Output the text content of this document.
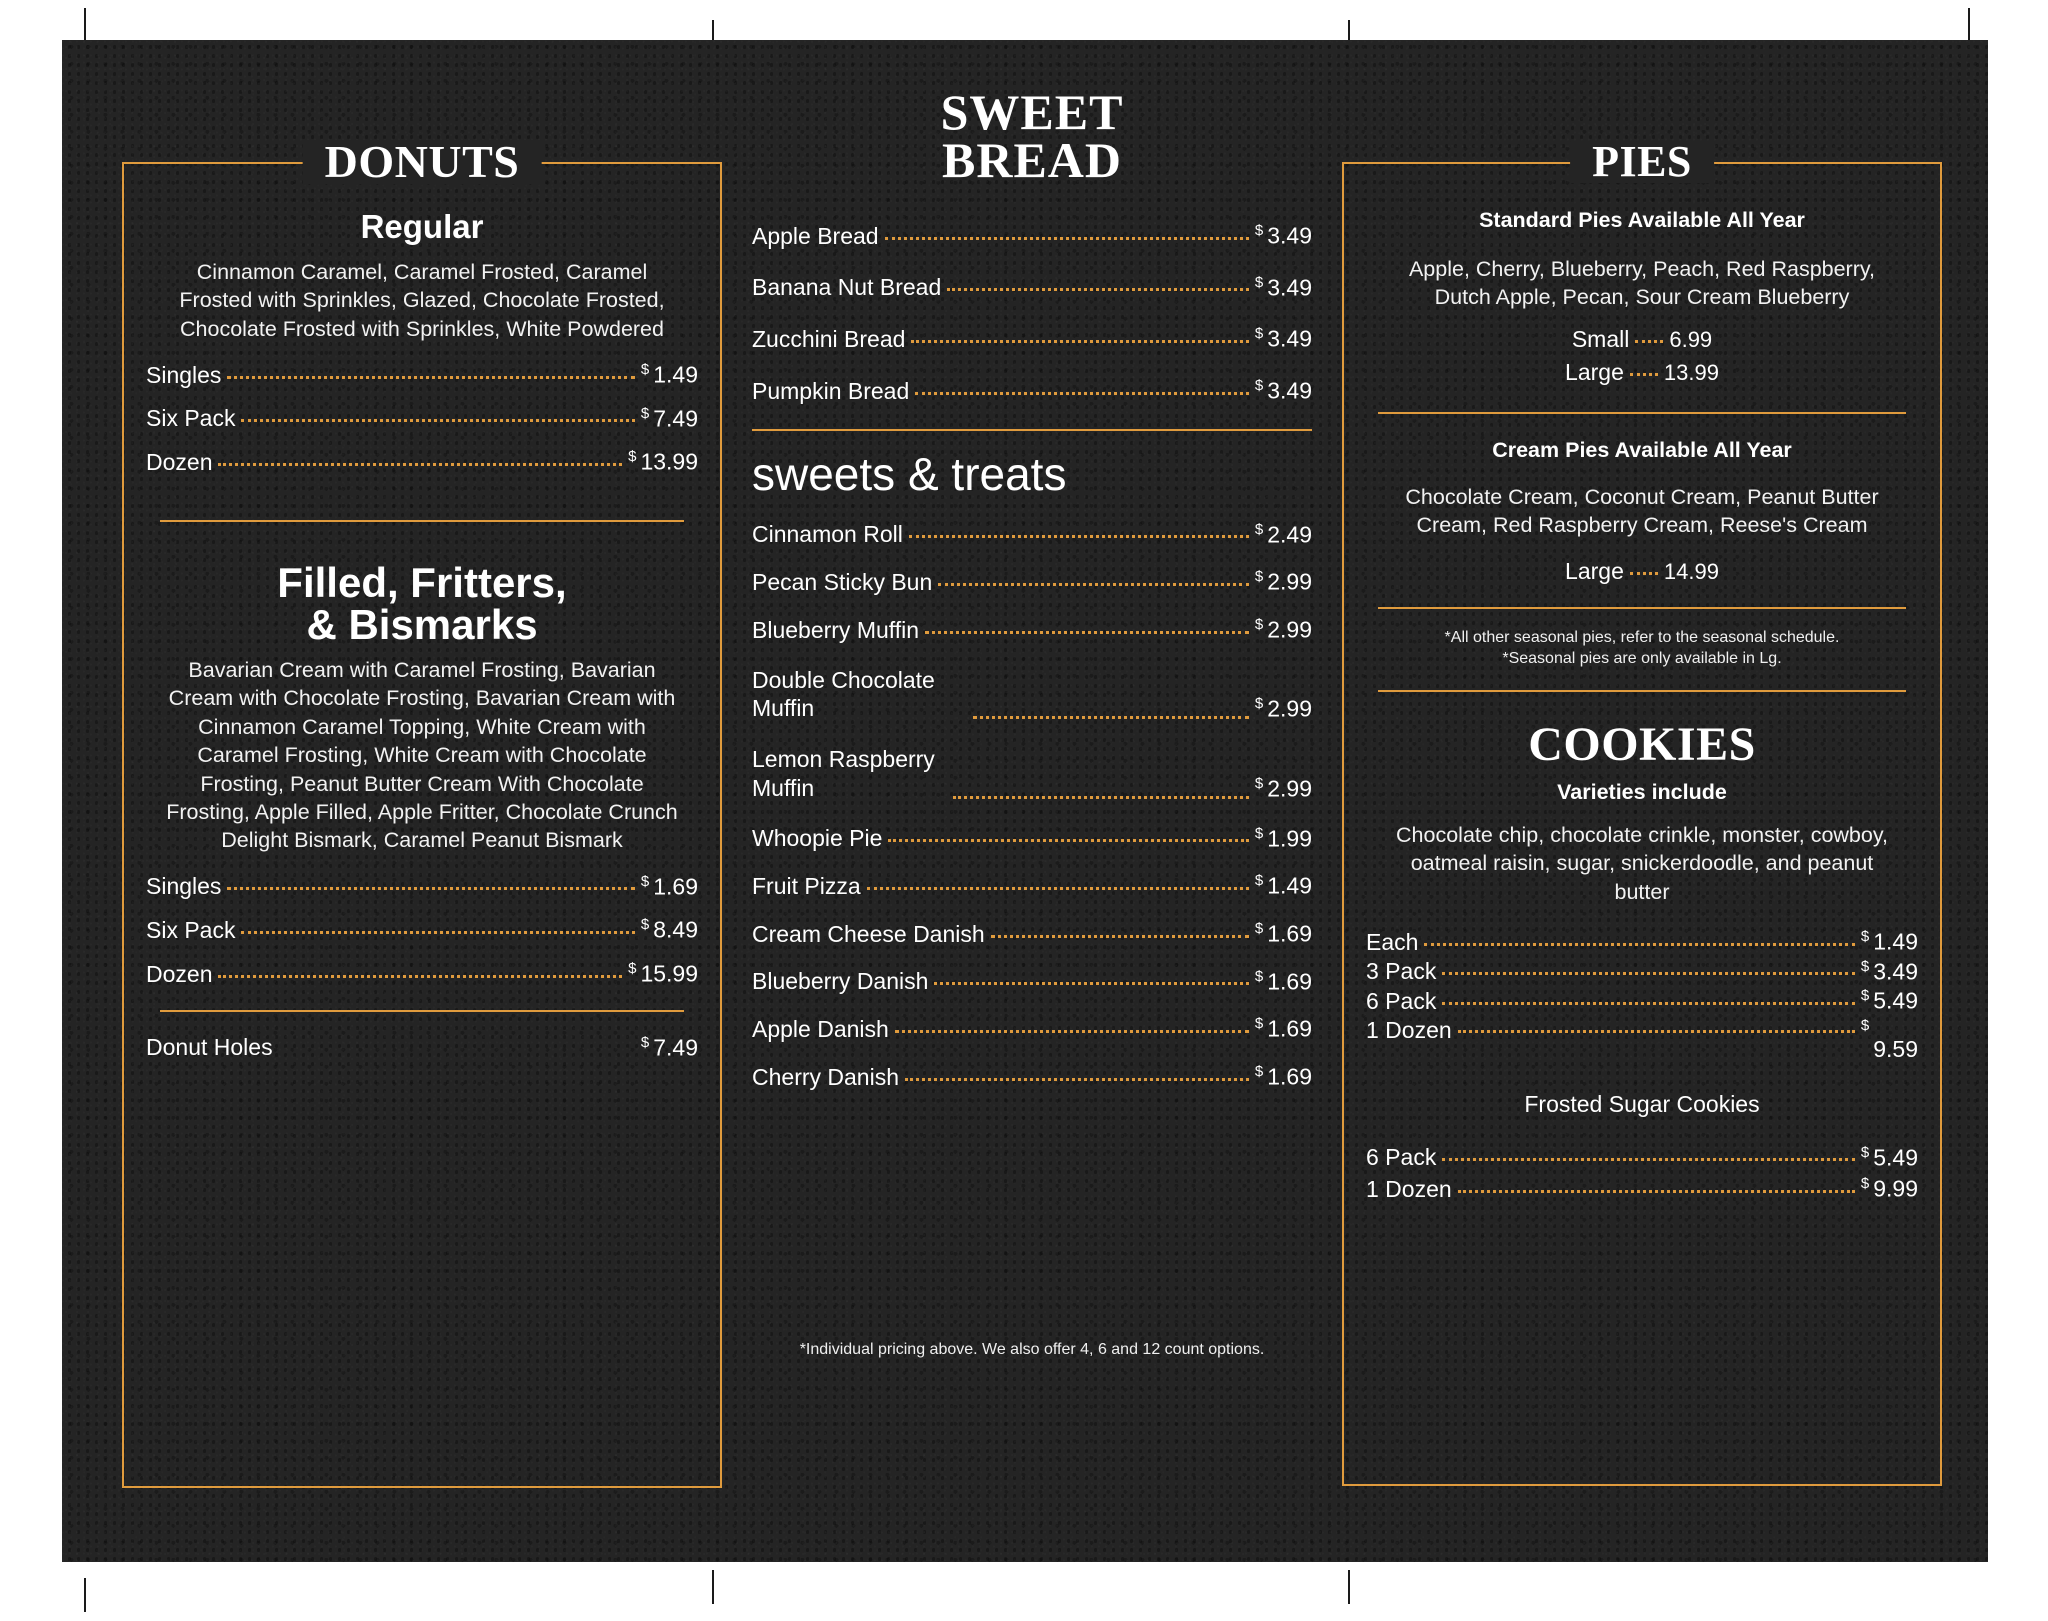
DONUTS
Regular
Cinnamon Caramel, Caramel Frosted, Caramel Frosted with Sprinkles, Glazed, Chocolate Frosted, Chocolate Frosted with Sprinkles, White Powdered
Singles	$ 1.49
Six Pack	$ 7.49
Dozen	$ 13.99
Filled, Fritters,
& Bismarks
Bavarian Cream with Caramel Frosting, Bavarian Cream with Chocolate Frosting, Bavarian Cream with Cinnamon Caramel Topping, White Cream with Caramel Frosting, White Cream with Chocolate Frosting, Peanut Butter Cream With Chocolate Frosting, Apple Filled, Apple Fritter, Chocolate Crunch Delight Bismark, Caramel Peanut Bismark
Singles	$ 1.69
Six Pack	$ 8.49
Dozen	$ 15.99
Donut Holes	$ 7.49
SWEET
BREAD
Apple Bread	$ 3.49
Banana Nut Bread	$ 3.49
Zucchini Bread	$ 3.49
Pumpkin Bread	$ 3.49
sweets & treats
Cinnamon Roll	$ 2.49
Pecan Sticky Bun	$ 2.99
Blueberry Muffin	$ 2.99
Double Chocolate Muffin	$ 2.99
Lemon Raspberry Muffin	$ 2.99
Whoopie Pie	$ 1.99
Fruit Pizza	$ 1.49
Cream Cheese Danish	$ 1.69
Blueberry Danish	$ 1.69
Apple Danish	$ 1.69
Cherry Danish	$ 1.69
*Individual pricing above. We also offer 4, 6 and 12 count options.
PIES
Standard Pies Available All Year
Apple, Cherry, Blueberry, Peach, Red Raspberry, Dutch Apple, Pecan, Sour Cream Blueberry
Small 6.99
Large 13.99
Cream Pies Available All Year
Chocolate Cream, Coconut Cream, Peanut Butter Cream, Red Raspberry Cream, Reese's Cream
Large 14.99
*All other seasonal pies, refer to the seasonal schedule.
*Seasonal pies are only available in Lg.
COOKIES
Varieties include
Chocolate chip, chocolate crinkle, monster, cowboy, oatmeal raisin, sugar, snickerdoodle, and peanut butter
Each	$ 1.49
3 Pack	$ 3.49
6 Pack	$ 5.49
1 Dozen	$9.59
Frosted Sugar Cookies
6 Pack	$ 5.49
1 Dozen	$ 9.99
